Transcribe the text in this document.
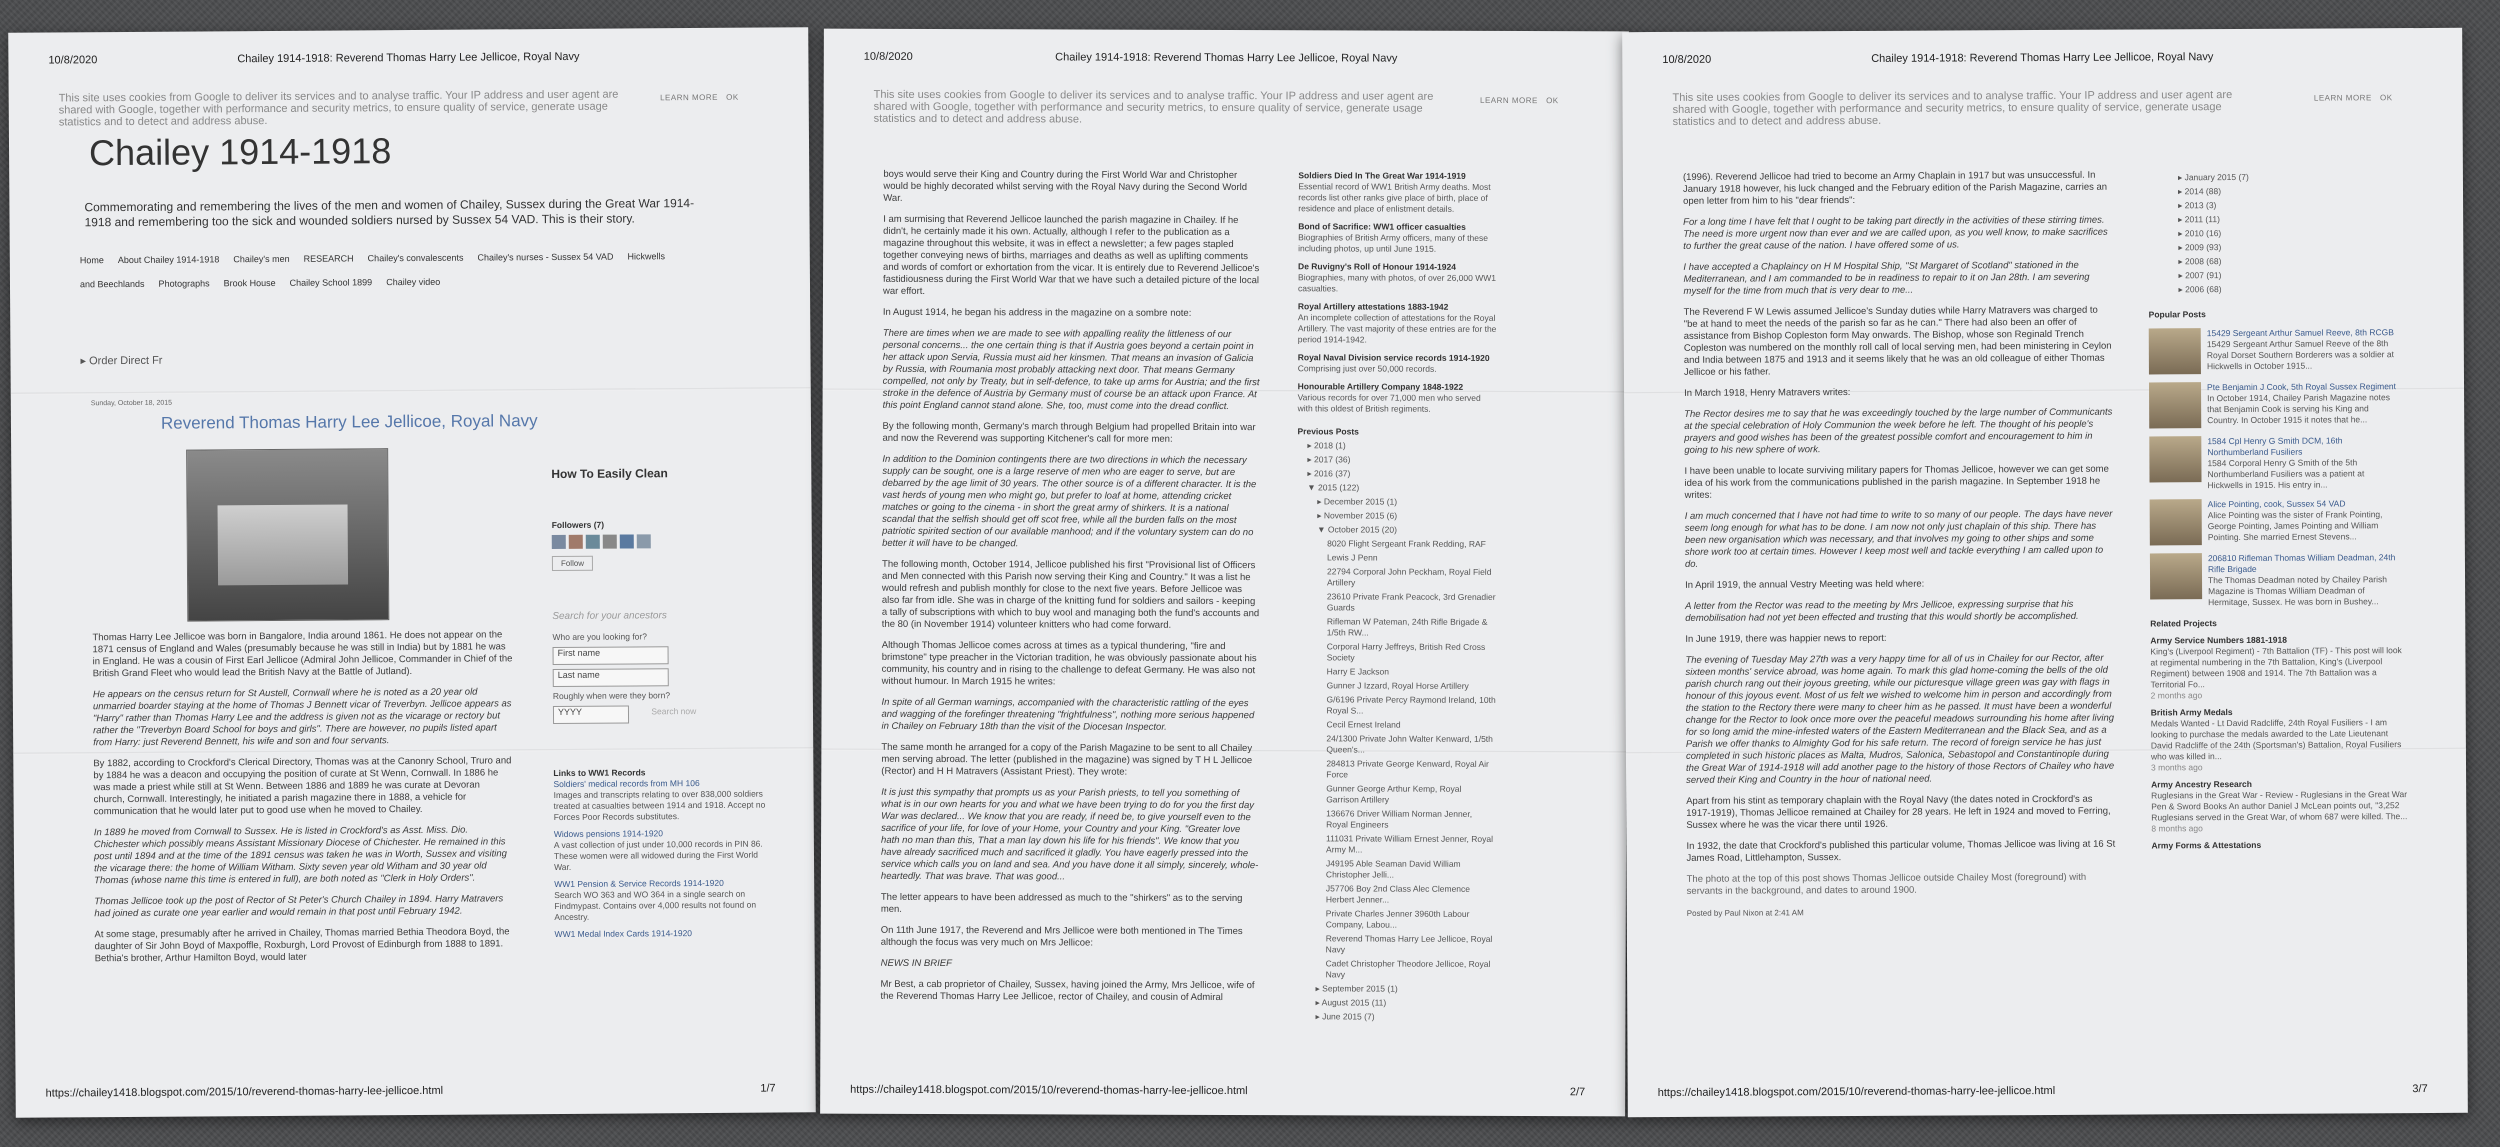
10/8/2020	Chailey 1914-1918: Reverend Thomas Harry Lee Jellicoe, Royal Navy
This site uses cookies from Google to deliver its services and to analyse traffic. Your IP address and user agent are shared with Google, together with performance and security metrics, to ensure quality of service, generate usage statistics and to detect and address abuse.
LEARN MORE OK
Chailey 1914-1918
Commemorating and remembering the lives of the men and women of Chailey, Sussex during the Great War 1914-1918 and remembering too the sick and wounded soldiers nursed by Sussex 54 VAD. This is their story.
Home About Chailey 1914-1918 Chailey's men RESEARCH Chailey's convalescents Chailey's nurses - Sussex 54 VAD Hickwells and Beechlands Photographs Brook House Chailey School 1899 Chailey video
▸ Order Direct Fr
Sunday, October 18, 2015
Reverend Thomas Harry Lee Jellicoe, Royal Navy

Thomas Harry Lee Jellicoe was born in Bangalore, India around 1861. He does not appear on the 1871 census of England and Wales (presumably because he was still in India) but by 1881 he was in England. He was a cousin of First Earl Jellicoe (Admiral John Jellicoe, Commander in Chief of the British Grand Fleet who would lead the British Navy at the Battle of Jutland).

He appears on the census return for St Austell, Cornwall where he is noted as a 20 year old unmarried boarder staying at the home of Thomas J Bennett vicar of Treverbyn. Jellicoe appears as "Harry" rather than Thomas Harry Lee and the address is given not as the vicarage or rectory but rather the "Treverbyn Board School for boys and girls". There are however, no pupils listed apart from Harry: just Reverend Bennett, his wife and son and four servants.

By 1882, according to Crockford's Clerical Directory, Thomas was at the Canonry School, Truro and by 1884 he was a deacon and occupying the position of curate at St Wenn, Cornwall. In 1886 he was made a priest while still at St Wenn. Between 1886 and 1889 he was curate at Devoran church, Cornwall. Interestingly, he initiated a parish magazine there in 1888, a vehicle for communication that he would later put to good use when he moved to Chailey.

In 1889 he moved from Cornwall to Sussex. He is listed in Crockford's as Asst. Miss. Dio. Chichester which possibly means Assistant Missionary Diocese of Chichester. He remained in this post until 1894 and at the time of the 1891 census was taken he was in Worth, Sussex and visiting the vicarage there: the home of William Witham. Sixty seven year old Witham and 30 year old Thomas (whose name this time is entered in full), are both noted as "Clerk in Holy Orders".

Thomas Jellicoe took up the post of Rector of St Peter's Church Chailey in 1894. Harry Matravers had joined as curate one year earlier and would remain in that post until February 1942.

At some stage, presumably after he arrived in Chailey, Thomas married Bethia Theodora Boyd, the daughter of Sir John Boyd of Maxpoffle, Roxburgh, Lord Provost of Edinburgh from 1888 to 1891. Bethia's brother, Arthur Hamilton Boyd, would later

How To Easily Clean
Followers (7)
Follow
Search for your ancestors
Who are you looking for?
First name
Last name
Roughly when were they born?
YYYY	Search now
Links to WW1 Records
Soldiers' medical records from MH 106
Images and transcripts relating to over 838,000 soldiers treated at casualties between 1914 and 1918. Accept no Forces Poor Records substitutes.
Widows pensions 1914-1920
A vast collection of just under 10,000 records in PIN 86. These women were all widowed during the First World War.
WW1 Pension & Service Records 1914-1920
Search WO 363 and WO 364 in a single search on Findmypast. Contains over 4,000 results not found on Ancestry.
WW1 Medal Index Cards 1914-1920
https://chailey1418.blogspot.com/2015/10/reverend-thomas-harry-lee-jellicoe.html	1/7
10/8/2020	Chailey 1914-1918: Reverend Thomas Harry Lee Jellicoe, Royal Navy
This site uses cookies from Google to deliver its services and to analyse traffic. Your IP address and user agent are shared with Google, together with performance and security metrics, to ensure quality of service, generate usage statistics and to detect and address abuse.
LEARN MORE OK

boys would serve their King and Country during the First World War and Christopher would be highly decorated whilst serving with the Royal Navy during the Second World War.

I am surmising that Reverend Jellicoe launched the parish magazine in Chailey. If he didn't, he certainly made it his own. Actually, although I refer to the publication as a magazine throughout this website, it was in effect a newsletter; a few pages stapled together conveying news of births, marriages and deaths as well as uplifting comments and words of comfort or exhortation from the vicar. It is entirely due to Reverend Jellicoe's fastidiousness during the First World War that we have such a detailed picture of the local war effort.

In August 1914, he began his address in the magazine on a sombre note:

There are times when we are made to see with appalling reality the littleness of our personal concerns... the one certain thing is that if Austria goes beyond a certain point in her attack upon Servia, Russia must aid her kinsmen. That means an invasion of Galicia by Russia, with Roumania most probably attacking next door. That means Germany compelled, not only by Treaty, but in self-defence, to take up arms for Austria; and the first stroke in the defence of Austria by Germany must of course be an attack upon France. At this point England cannot stand alone. She, too, must come into the dread conflict.

By the following month, Germany's march through Belgium had propelled Britain into war and now the Reverend was supporting Kitchener's call for more men:

In addition to the Dominion contingents there are two directions in which the necessary supply can be sought, one is a large reserve of men who are eager to serve, but are debarred by the age limit of 30 years. The other source is of a different character. It is the vast herds of young men who might go, but prefer to loaf at home, attending cricket matches or going to the cinema - in short the great army of shirkers. It is a national scandal that the selfish should get off scot free, while all the burden falls on the most patriotic spirited section of our available manhood; and if the voluntary system can do no better it will have to be changed.

The following month, October 1914, Jellicoe published his first "Provisional list of Officers and Men connected with this Parish now serving their King and Country." It was a list he would refresh and publish monthly for close to the next five years. Before Jellicoe was also far from idle. She was in charge of the knitting fund for soldiers and sailors - keeping a tally of subscriptions with which to buy wool and managing both the fund's accounts and the 80 (in November 1914) volunteer knitters who had come forward.

Although Thomas Jellicoe comes across at times as a typical thundering, "fire and brimstone" type preacher in the Victorian tradition, he was obviously passionate about his community, his country and in rising to the challenge to defeat Germany. He was also not without humour. In March 1915 he writes:

In spite of all German warnings, accompanied with the characteristic rattling of the eyes and wagging of the forefinger threatening "frightfulness", nothing more serious happened in Chailey on February 18th than the visit of the Diocesan Inspector.

The same month he arranged for a copy of the Parish Magazine to be sent to all Chailey men serving abroad. The letter (published in the magazine) was signed by T H L Jellicoe (Rector) and H H Matravers (Assistant Priest). They wrote:

It is just this sympathy that prompts us as your Parish priests, to tell you something of what is in our own hearts for you and what we have been trying to do for you the first day War was declared... We know that you are ready, if need be, to give yourself even to the sacrifice of your life, for love of your Home, your Country and your King. "Greater love hath no man than this, That a man lay down his life for his friends". We know that you have already sacrificed much and sacrificed it gladly. You have eagerly pressed into the service which calls you on land and sea. And you have done it all simply, sincerely, whole-heartedly. That was brave. That was good...

The letter appears to have been addressed as much to the "shirkers" as to the serving men.

On 11th June 1917, the Reverend and Mrs Jellicoe were both mentioned in The Times although the focus was very much on Mrs Jellicoe:

NEWS IN BRIEF

Mr Best, a cab proprietor of Chailey, Sussex, having joined the Army, Mrs Jellicoe, wife of the Reverend Thomas Harry Lee Jellicoe, rector of Chailey, and cousin of Admiral

Soldiers Died In The Great War 1914-1919
Essential record of WW1 British Army deaths. Most records list other ranks give place of birth, place of residence and place of enlistment details.
Bond of Sacrifice: WW1 officer casualties
Biographies of British Army officers, many of these including photos, up until June 1915.
De Ruvigny's Roll of Honour 1914-1924
Biographies, many with photos, of over 26,000 WW1 casualties.
Royal Artillery attestations 1883-1942
An incomplete collection of attestations for the Royal Artillery. The vast majority of these entries are for the period 1914-1942.
Royal Naval Division service records 1914-1920
Comprising just over 50,000 records.
Honourable Artillery Company 1848-1922
Various records for over 71,000 men who served with this oldest of British regiments.
Previous Posts
▸ 2018 (1)
▸ 2017 (36)
▸ 2016 (37)
▼ 2015 (122)
▸ December 2015 (1)
▸ November 2015 (6)
▼ October 2015 (20)
8020 Flight Sergeant Frank Redding, RAF
Lewis J Penn
22794 Corporal John Peckham, Royal Field Artillery
23610 Private Frank Peacock, 3rd Grenadier Guards
Rifleman W Pateman, 24th Rifle Brigade & 1/5th RW...
Corporal Harry Jeffreys, British Red Cross Society
Harry E Jackson
Gunner J Izzard, Royal Horse Artillery
G/6196 Private Percy Raymond Ireland, 10th Royal S...
Cecil Ernest Ireland
24/1300 Private John Walter Kenward, 1/5th Queen's...
284813 Private George Kenward, Royal Air Force
Gunner George Arthur Kemp, Royal Garrison Artillery
136676 Driver William Norman Jenner, Royal Engineers
111031 Private William Ernest Jenner, Royal Army M...
J49195 Able Seaman David William Christopher Jelli...
J57706 Boy 2nd Class Alec Clemence Herbert Jenner...
Private Charles Jenner 3960th Labour Company, Labou...
Reverend Thomas Harry Lee Jellicoe, Royal Navy
Cadet Christopher Theodore Jellicoe, Royal Navy
▸ September 2015 (1)
▸ August 2015 (11)
▸ June 2015 (7)
https://chailey1418.blogspot.com/2015/10/reverend-thomas-harry-lee-jellicoe.html	2/7
10/8/2020	Chailey 1914-1918: Reverend Thomas Harry Lee Jellicoe, Royal Navy
This site uses cookies from Google to deliver its services and to analyse traffic. Your IP address and user agent are shared with Google, together with performance and security metrics, to ensure quality of service, generate usage statistics and to detect and address abuse.
LEARN MORE OK

(1996). Reverend Jellicoe had tried to become an Army Chaplain in 1917 but was unsuccessful. In January 1918 however, his luck changed and the February edition of the Parish Magazine, carries an open letter from him to his "dear friends":

For a long time I have felt that I ought to be taking part directly in the activities of these stirring times. The need is more urgent now than ever and we are called upon, as you well know, to make sacrifices to further the great cause of the nation. I have offered some of us.

I have accepted a Chaplaincy on H M Hospital Ship, "St Margaret of Scotland" stationed in the Mediterranean, and I am commanded to be in readiness to repair to it on Jan 28th. I am severing myself for the time from much that is very dear to me...

The Reverend F W Lewis assumed Jellicoe's Sunday duties while Harry Matravers was charged to "be at hand to meet the needs of the parish so far as he can." There had also been an offer of assistance from Bishop Copleston form May onwards. The Bishop, whose son Reginald Trench Copleston was numbered on the monthly roll call of local serving men, had been ministering in Ceylon and India between 1875 and 1913 and it seems likely that he was an old colleague of either Thomas Jellicoe or his father.

In March 1918, Henry Matravers writes:

The Rector desires me to say that he was exceedingly touched by the large number of Communicants at the special celebration of Holy Communion the week before he left. The thought of his people's prayers and good wishes has been of the greatest possible comfort and encouragement to him in going to his new sphere of work.

I have been unable to locate surviving military papers for Thomas Jellicoe, however we can get some idea of his work from the communications published in the parish magazine. In September 1918 he writes:

I am much concerned that I have not had time to write to so many of our people. The days have never seem long enough for what has to be done. I am now not only just chaplain of this ship. There has been new organisation which was necessary, and that involves my going to other ships and some shore work too at certain times. However I keep most well and tackle everything I am called upon to do.

In April 1919, the annual Vestry Meeting was held where:

A letter from the Rector was read to the meeting by Mrs Jellicoe, expressing surprise that his demobilisation had not yet been effected and trusting that this would shortly be accomplished.

In June 1919, there was happier news to report:

The evening of Tuesday May 27th was a very happy time for all of us in Chailey for our Rector, after sixteen months' service abroad, was home again. To mark this glad home-coming the bells of the old parish church rang out their joyous greeting, while our picturesque village green was gay with flags in honour of this joyous event. Most of us felt we wished to welcome him in person and accordingly from the station to the Rectory there were many to cheer him as he passed. It must have been a wonderful change for the Rector to look once more over the peaceful meadows surrounding his home after living for so long amid the mine-infested waters of the Eastern Mediterranean and the Black Sea, and as a Parish we offer thanks to Almighty God for his safe return. The record of foreign service he has just completed in such historic places as Malta, Mudros, Salonica, Sebastopol and Constantinople during the Great War of 1914-1918 will add another page to the history of those Rectors of Chailey who have served their King and Country in the hour of national need.

Apart from his stint as temporary chaplain with the Royal Navy (the dates noted in Crockford's as 1917-1919), Thomas Jellicoe remained at Chailey for 28 years. He left in 1924 and moved to Ferring, Sussex where he was the vicar there until 1926.

In 1932, the date that Crockford's published this particular volume, Thomas Jellicoe was living at 16 St James Road, Littlehampton, Sussex.

The photo at the top of this post shows Thomas Jellicoe outside Chailey Most (foreground) with servants in the background, and dates to around 1900.

Posted by Paul Nixon at 2:41 AM
▸ January 2015 (7)
▸ 2014 (88)
▸ 2013 (3)
▸ 2011 (11)
▸ 2010 (16)
▸ 2009 (93)
▸ 2008 (68)
▸ 2007 (91)
▸ 2006 (68)
Popular Posts
15429 Sergeant Arthur Samuel Reeve, 8th RCGB
15429 Sergeant Arthur Samuel Reeve of the 8th Royal Dorset Southern Borderers was a soldier at Hickwells in October 1915...
Pte Benjamin J Cook, 5th Royal Sussex Regiment
In October 1914, Chailey Parish Magazine notes that Benjamin Cook is serving his King and Country. In October 1915 it notes that he...
1584 Cpl Henry G Smith DCM, 16th Northumberland Fusiliers
1584 Corporal Henry G Smith of the 5th Northumberland Fusiliers was a patient at Hickwells in 1915. His entry in...
Alice Pointing, cook, Sussex 54 VAD
Alice Pointing was the sister of Frank Pointing, George Pointing, James Pointing and William Pointing. She married Ernest Stevens...
206810 Rifleman Thomas William Deadman, 24th Rifle Brigade
The Thomas Deadman noted by Chailey Parish Magazine is Thomas William Deadman of Hermitage, Sussex. He was born in Bushey...
Related Projects
Army Service Numbers 1881-1918
King's (Liverpool Regiment) - 7th Battalion (TF) - This post will look at regimental numbering in the 7th Battalion, King's (Liverpool Regiment) between 1908 and 1914. The 7th Battalion was a Territorial Fo...
2 months ago
British Army Medals
Medals Wanted - Lt David Radcliffe, 24th Royal Fusiliers - I am looking to purchase the medals awarded to the Late Lieutenant David Radcliffe of the 24th (Sportsman's) Battalion, Royal Fusiliers who was killed in...
3 months ago
Army Ancestry Research
Ruglesians in the Great War - Review - Ruglesians in the Great War Pen & Sword Books An author Daniel J McLean points out, "3,252 Ruglesians served in the Great War, of whom 687 were killed. The...
8 months ago
Army Forms & Attestations
https://chailey1418.blogspot.com/2015/10/reverend-thomas-harry-lee-jellicoe.html	3/7
